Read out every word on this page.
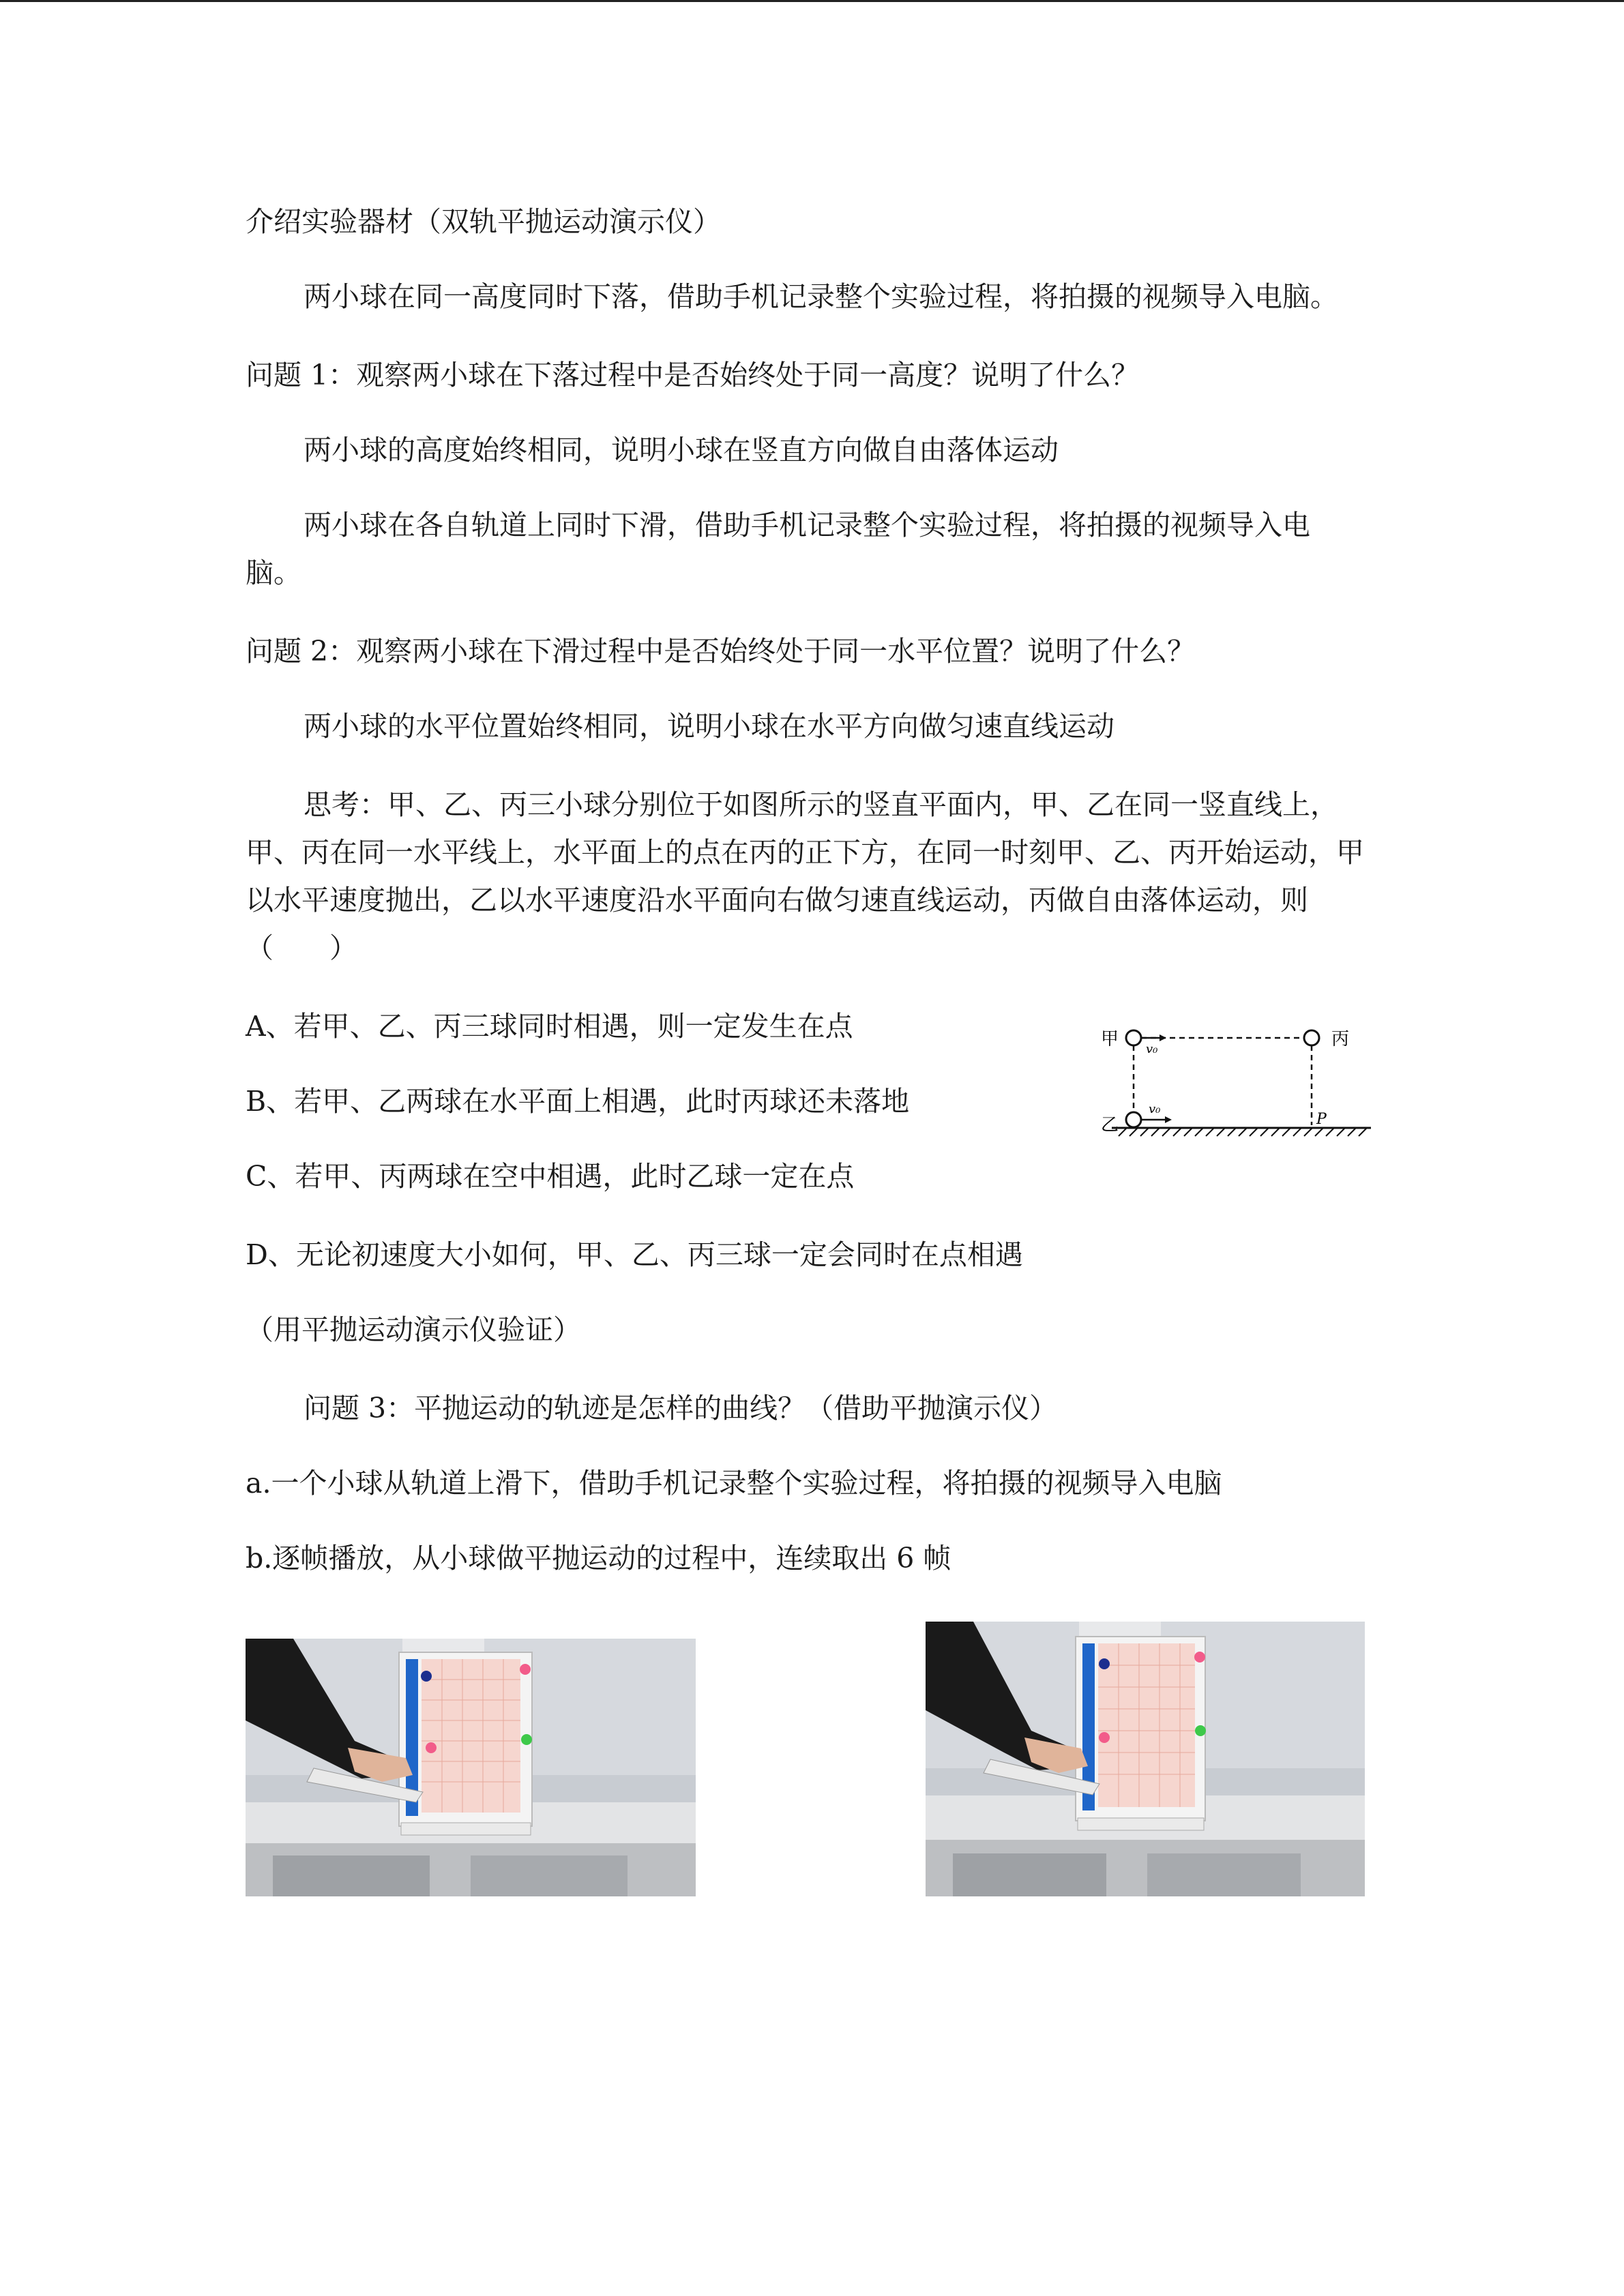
介绍实验器材（双轨平抛运动演示仪）
两小球在同一高度同时下落，借助手机记录整个实验过程，将拍摄的视频导入电脑。
问题 1：观察两小球在下落过程中是否始终处于同一高度？说明了什么？
两小球的高度始终相同，说明小球在竖直方向做自由落体运动
两小球在各自轨道上同时下滑，借助手机记录整个实验过程，将拍摄的视频导入电脑。
问题 2：观察两小球在下滑过程中是否始终处于同一水平位置？说明了什么？
两小球的水平位置始终相同，说明小球在水平方向做匀速直线运动
思考：甲、乙、丙三小球分别位于如图所示的竖直平面内，甲、乙在同一竖直线上，甲、丙在同一水平线上，水平面上的点在丙的正下方，在同一时刻甲、乙、丙开始运动，甲以水平速度抛出，乙以水平速度沿水平面向右做匀速直线运动，丙做自由落体运动，则（　　）
A、若甲、乙、丙三球同时相遇，则一定发生在点
B、若甲、乙两球在水平面上相遇，此时丙球还未落地
C、若甲、丙两球在空中相遇，此时乙球一定在点
D、无论初速度大小如何，甲、乙、丙三球一定会同时在点相遇
甲
乙
丙
v₀
v₀
P
（用平抛运动演示仪验证）
问题 3：平抛运动的轨迹是怎样的曲线？（借助平抛演示仪）
a.一个小球从轨道上滑下，借助手机记录整个实验过程，将拍摄的视频导入电脑
b.逐帧播放，从小球做平抛运动的过程中，连续取出 6 帧
